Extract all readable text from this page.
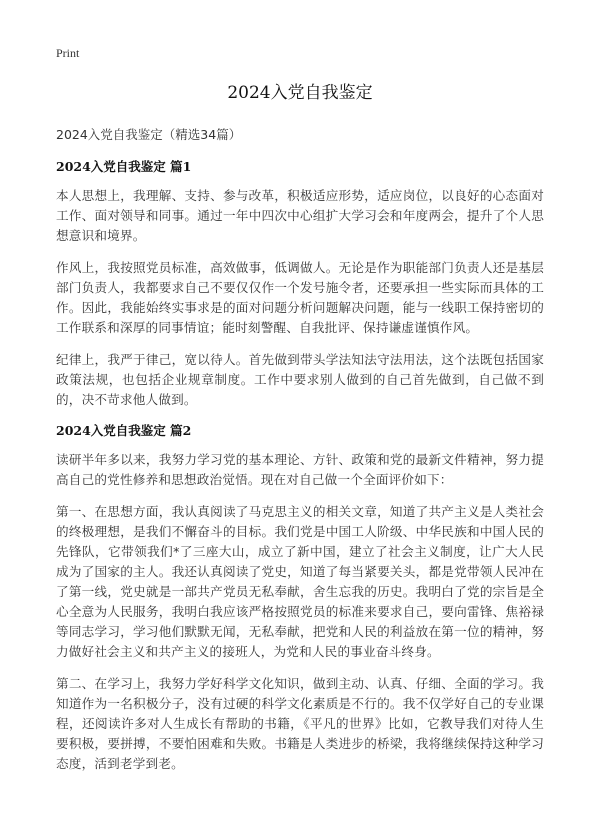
Print
2024入党自我鉴定
2024入党自我鉴定（精选34篇）
2024入党自我鉴定 篇1

本人思想上，我理解、支持、参与改革，积极适应形势，适应岗位，以良好的心态面对工作、面对领导和同事。通过一年中四次中心组扩大学习会和年度两会，提升了个人思想意识和境界。

作风上，我按照党员标准，高效做事，低调做人。无论是作为职能部门负责人还是基层部门负责人，我都要求自己不要仅仅作一个发号施令者，还要承担一些实际而具体的工作。因此，我能始终实事求是的面对问题分析问题解决问题，能与一线职工保持密切的工作联系和深厚的同事情谊；能时刻警醒、自我批评、保持谦虚谨慎作风。

纪律上，我严于律己，宽以待人。首先做到带头学法知法守法用法，这个法既包括国家政策法规，也包括企业规章制度。工作中要求别人做到的自己首先做到，自己做不到的，决不苛求他人做到。

2024入党自我鉴定 篇2

读研半年多以来，我努力学习党的基本理论、方针、政策和党的最新文件精神，努力提高自己的党性修养和思想政治觉悟。现在对自己做一个全面评价如下：

第一、在思想方面，我认真阅读了马克思主义的相关文章，知道了共产主义是人类社会的终极理想，是我们不懈奋斗的目标。我们党是中国工人阶级、中华民族和中国人民的先锋队，它带领我们*了三座大山，成立了新中国，建立了社会主义制度，让广大人民成为了国家的主人。我还认真阅读了党史，知道了每当紧要关头，都是党带领人民冲在了第一线，党史就是一部共产党员无私奉献，舍生忘我的历史。我明白了党的宗旨是全心全意为人民服务，我明白我应该严格按照党员的标准来要求自己，要向雷锋、焦裕禄等同志学习，学习他们默默无闻，无私奉献，把党和人民的利益放在第一位的精神，努力做好社会主义和共产主义的接班人，为党和人民的事业奋斗终身。

第二、在学习上，我努力学好科学文化知识，做到主动、认真、仔细、全面的学习。我知道作为一名积极分子，没有过硬的科学文化素质是不行的。我不仅学好自己的专业课程，还阅读许多对人生成长有帮助的书籍，《平凡的世界》比如，它教导我们对待人生要积极，要拼搏，不要怕困难和失败。书籍是人类进步的桥梁，我将继续保持这种学习态度，活到老学到老。
